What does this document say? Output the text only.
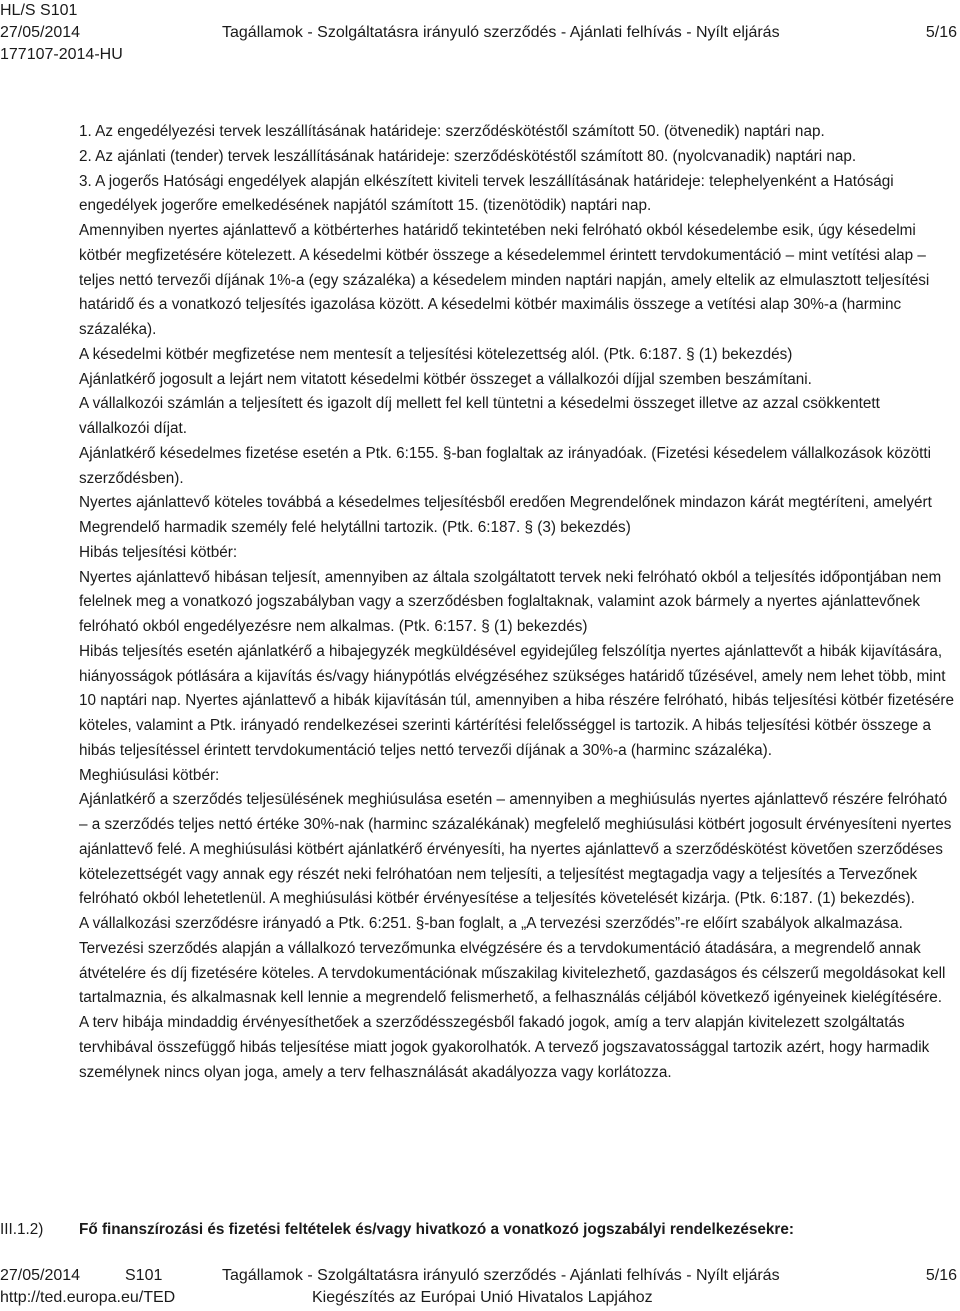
HL/S S101
27/05/2014	Tagállamok - Szolgáltatásra irányuló szerződés - Ajánlati felhívás - Nyílt eljárás	5/16
177107-2014-HU

1. Az engedélyezési tervek leszállításának határideje: szerződéskötéstől számított 50. (ötvenedik) naptári nap.

2. Az ajánlati (tender) tervek leszállításának határideje: szerződéskötéstől számított 80. (nyolcvanadik) naptári nap.

3. A jogerős Hatósági engedélyek alapján elkészített kiviteli tervek leszállításának határideje: telephelyenként a Hatósági engedélyek jogerőre emelkedésének napjától számított 15. (tizenötödik) naptári nap.

Amennyiben nyertes ajánlattevő a kötbérterhes határidő tekintetében neki felróható okból késedelembe esik, úgy késedelmi kötbér megfizetésére kötelezett. A késedelmi kötbér összege a késedelemmel érintett tervdokumentáció – mint vetítési alap – teljes nettó tervezői díjának 1%-a (egy százaléka) a késedelem minden naptári napján, amely eltelik az elmulasztott teljesítési határidő és a vonatkozó teljesítés igazolása között. A késedelmi kötbér maximális összege a vetítési alap 30%-a (harminc százaléka).

A késedelmi kötbér megfizetése nem mentesít a teljesítési kötelezettség alól. (Ptk. 6:187. § (1) bekezdés)

Ajánlatkérő jogosult a lejárt nem vitatott késedelmi kötbér összeget a vállalkozói díjjal szemben beszámítani.

A vállalkozói számlán a teljesített és igazolt díj mellett fel kell tüntetni a késedelmi összeget illetve az azzal csökkentett vállalkozói díjat.

Ajánlatkérő késedelmes fizetése esetén a Ptk. 6:155. §-ban foglaltak az irányadóak. (Fizetési késedelem vállalkozások közötti szerződésben).

Nyertes ajánlattevő köteles továbbá a késedelmes teljesítésből eredően Megrendelőnek mindazon kárát megtéríteni, amelyért Megrendelő harmadik személy felé helytállni tartozik. (Ptk. 6:187. § (3) bekezdés)

Hibás teljesítési kötbér:

Nyertes ajánlattevő hibásan teljesít, amennyiben az általa szolgáltatott tervek neki felróható okból a teljesítés időpontjában nem felelnek meg a vonatkozó jogszabályban vagy a szerződésben foglaltaknak, valamint azok bármely a nyertes ajánlattevőnek felróható okból engedélyezésre nem alkalmas. (Ptk. 6:157. § (1) bekezdés)

Hibás teljesítés esetén ajánlatkérő a hibajegyzék megküldésével egyidejűleg felszólítja nyertes ajánlattevőt a hibák kijavítására, hiányosságok pótlására a kijavítás és/vagy hiánypótlás elvégzéséhez szükséges határidő tűzésével, amely nem lehet több, mint 10 naptári nap. Nyertes ajánlattevő a hibák kijavításán túl, amennyiben a hiba részére felróható, hibás teljesítési kötbér fizetésére köteles, valamint a Ptk. irányadó rendelkezései szerinti kártérítési felelősséggel is tartozik. A hibás teljesítési kötbér összege a hibás teljesítéssel érintett tervdokumentáció teljes nettó tervezői díjának a 30%-a (harminc százaléka).

Meghiúsulási kötbér:

Ajánlatkérő a szerződés teljesülésének meghiúsulása esetén – amennyiben a meghiúsulás nyertes ajánlattevő részére felróható – a szerződés teljes nettó értéke 30%-nak (harminc százalékának) megfelelő meghiúsulási kötbért jogosult érvényesíteni nyertes ajánlattevő felé. A meghiúsulási kötbért ajánlatkérő érvényesíti, ha nyertes ajánlattevő a szerződéskötést követően szerződéses kötelezettségét vagy annak egy részét neki felróhatóan nem teljesíti, a teljesítést megtagadja vagy a teljesítés a Tervezőnek felróható okból lehetetlenül. A meghiúsulási kötbér érvényesítése a teljesítés követelését kizárja. (Ptk. 6:187. (1) bekezdés).

A vállalkozási szerződésre irányadó a Ptk. 6:251. §-ban foglalt, a „A tervezési szerződés”-re előírt szabályok alkalmazása. Tervezési szerződés alapján a vállalkozó tervezőmunka elvégzésére és a tervdokumentáció átadására, a megrendelő annak átvételére és díj fizetésére köteles. A tervdokumentációnak műszakilag kivitelezhető, gazdaságos és célszerű megoldásokat kell tartalmaznia, és alkalmasnak kell lennie a megrendelő felismerhető, a felhasználás céljából következő igényeinek kielégítésére. A terv hibája mindaddig érvényesíthetőek a szerződésszegésből fakadó jogok, amíg a terv alapján kivitelezett szolgáltatás tervhibával összefüggő hibás teljesítése miatt jogok gyakorolhatók. A tervező jogszavatossággal tartozik azért, hogy harmadik személynek nincs olyan joga, amely a terv felhasználását akadályozza vagy korlátozza.

III.1.2) Fő finanszírozási és fizetési feltételek és/vagy hivatkozó a vonatkozó jogszabályi rendelkezésekre:
27/05/2014	S101	Tagállamok - Szolgáltatásra irányuló szerződés - Ajánlati felhívás - Nyílt eljárás	5/16
http://ted.europa.eu/TED	Kiegészítés az Európai Unió Hivatalos Lapjához
